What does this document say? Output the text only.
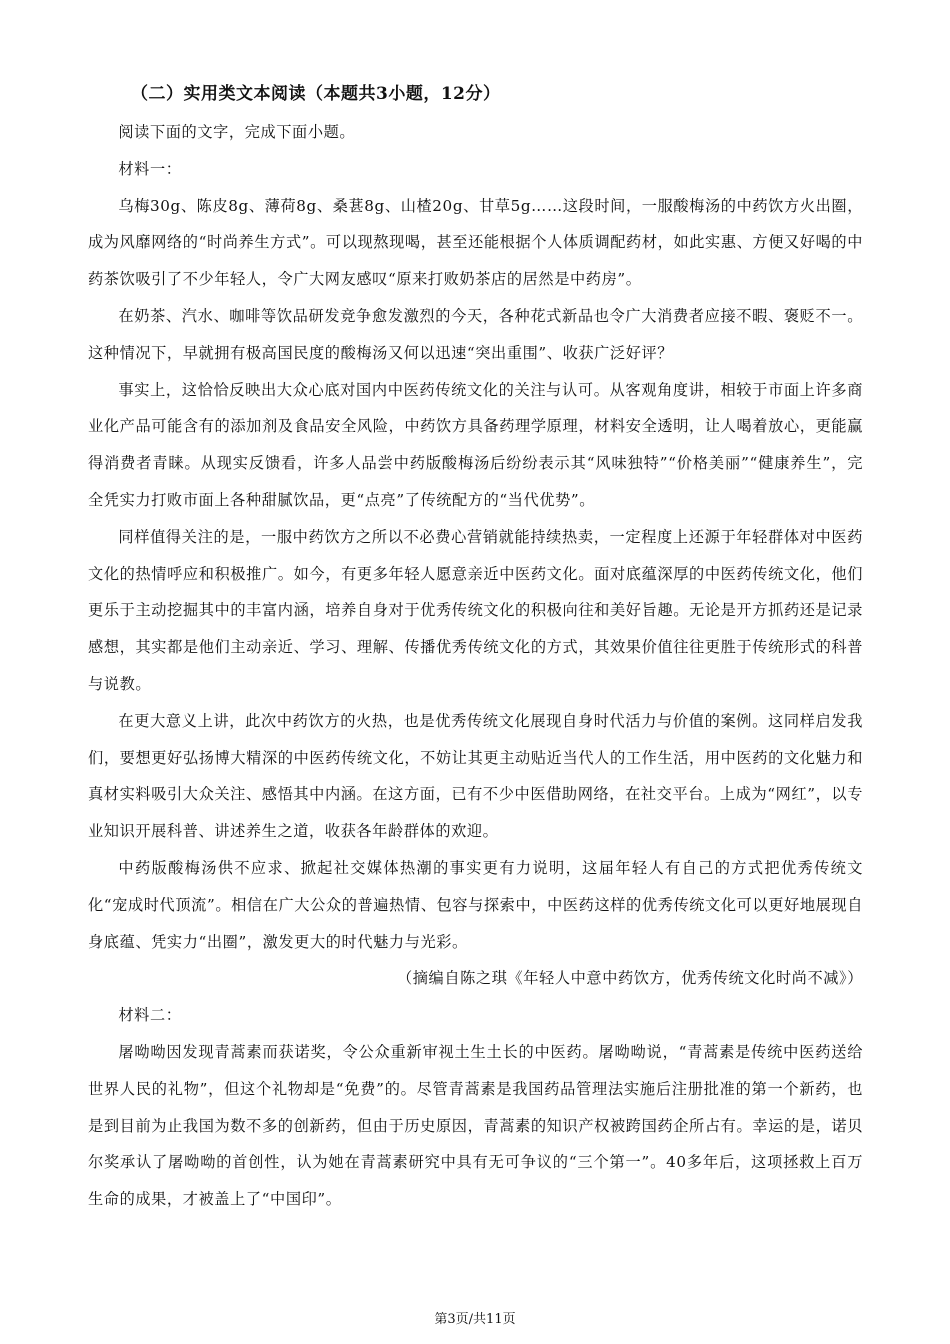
（二）实用类文本阅读（本题共3小题，12分）

阅读下面的文字，完成下面小题。

材料一：

乌梅30g、陈皮8g、薄荷8g、桑葚8g、山楂20g、甘草5g……这段时间，一服酸梅汤的中药饮方火出圈，成为风靡网络的“时尚养生方式”。可以现熬现喝，甚至还能根据个人体质调配药材，如此实惠、方便又好喝的中药茶饮吸引了不少年轻人，令广大网友感叹“原来打败奶茶店的居然是中药房”。

在奶茶、汽水、咖啡等饮品研发竞争愈发激烈的今天，各种花式新品也令广大消费者应接不暇、褒贬不一。这种情况下，早就拥有极高国民度的酸梅汤又何以迅速“突出重围”、收获广泛好评？

事实上，这恰恰反映出大众心底对国内中医药传统文化的关注与认可。从客观角度讲，相较于市面上许多商业化产品可能含有的添加剂及食品安全风险，中药饮方具备药理学原理，材料安全透明，让人喝着放心，更能赢得消费者青睐。从现实反馈看，许多人品尝中药版酸梅汤后纷纷表示其“风味独特”“价格美丽”“健康养生”，完全凭实力打败市面上各种甜腻饮品，更“点亮”了传统配方的“当代优势”。

同样值得关注的是，一服中药饮方之所以不必费心营销就能持续热卖，一定程度上还源于年轻群体对中医药文化的热情呼应和积极推广。如今，有更多年轻人愿意亲近中医药文化。面对底蕴深厚的中医药传统文化，他们更乐于主动挖掘其中的丰富内涵，培养自身对于优秀传统文化的积极向往和美好旨趣。无论是开方抓药还是记录感想，其实都是他们主动亲近、学习、理解、传播优秀传统文化的方式，其效果价值往往更胜于传统形式的科普与说教。

在更大意义上讲，此次中药饮方的火热，也是优秀传统文化展现自身时代活力与价值的案例。这同样启发我们，要想更好弘扬博大精深的中医药传统文化，不妨让其更主动贴近当代人的工作生活，用中医药的文化魅力和真材实料吸引大众关注、感悟其中内涵。在这方面，已有不少中医借助网络，在社交平台。上成为“网红”，以专业知识开展科普、讲述养生之道，收获各年龄群体的欢迎。

中药版酸梅汤供不应求、掀起社交媒体热潮的事实更有力说明，这届年轻人有自己的方式把优秀传统文化“宠成时代顶流”。相信在广大公众的普遍热情、包容与探索中，中医药这样的优秀传统文化可以更好地展现自身底蕴、凭实力“出圈”，激发更大的时代魅力与光彩。

（摘编自陈之琪《年轻人中意中药饮方，优秀传统文化时尚不减》）

材料二：

屠呦呦因发现青蒿素而获诺奖，令公众重新审视土生土长的中医药。屠呦呦说，“青蒿素是传统中医药送给世界人民的礼物”，但这个礼物却是“免费”的。尽管青蒿素是我国药品管理法实施后注册批准的第一个新药，也是到目前为止我国为数不多的创新药，但由于历史原因，青蒿素的知识产权被跨国药企所占有。幸运的是，诺贝尔奖承认了屠呦呦的首创性，认为她在青蒿素研究中具有无可争议的“三个第一”。40多年后，这项拯救上百万生命的成果，才被盖上了“中国印”。

第3页/共11页
